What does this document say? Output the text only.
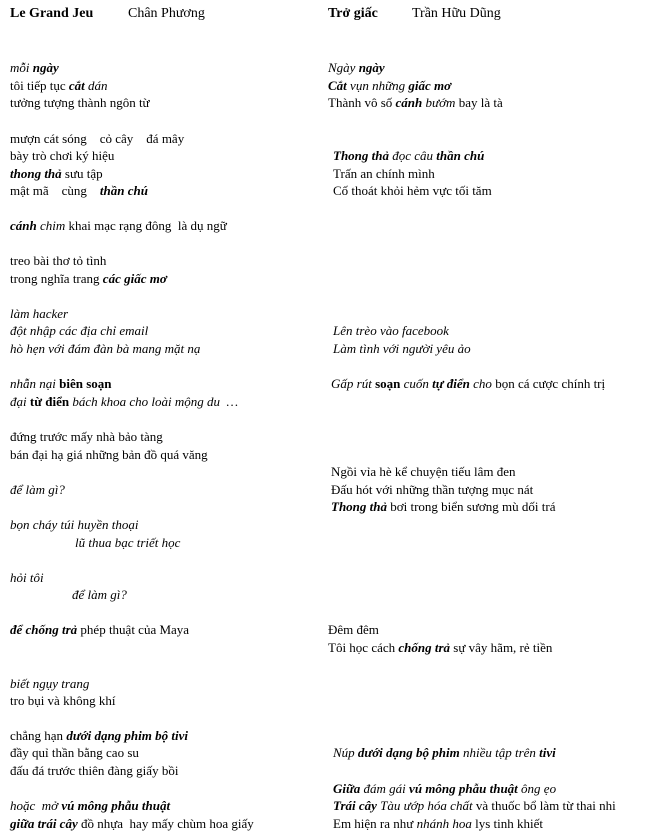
Le Grand Jeu Chân Phương	Trở giấc Trần Hữu Dũng
mỗi ngày
tôi tiếp tục cắt dán
tưởng tượng thành ngôn từ
mượn cát sóng    cỏ cây    đá mây
bày trò chơi ký hiệu
thong thả sưu tập
mật mã    cùng    thần chú
cánh chim khai mạc rạng đông  là dụ ngữ
treo bài thơ tỏ tình
trong nghĩa trang các giấc mơ
làm hacker
đột nhập các địa chỉ email
hò hẹn với đám đàn bà mang mặt nạ
nhẫn nại biên soạn
đại từ điển bách khoa cho loài mộng du  …
đứng trước mấy nhà bảo tàng
bán đại hạ giá những bản đồ quá văng
để làm gì?
bọn cháy túi huyền thoại
lũ thua bạc triết học
hỏi tôi
để làm gì?
để chống trả phép thuật của Maya
biết ngụy trang
tro bụi và không khí
chẳng hạn dưới dạng phim bộ tivi
đầy quỉ thần bằng cao su
đấu đá trước thiên đàng giấy bồi
hoặc  mở vú mông phẫu thuật
giữa trái cây đồ nhựa  hay mấy chùm hoa giấy
Ngày ngày
Cắt vụn những giấc mơ
Thành vô số cánh bướm bay là tà
Thong thả đọc câu thần chú
Trấn an chính mình
Cố thoát khỏi hẻm vực tối tăm
Lên trèo vào facebook
Làm tình với người yêu ảo
Gấp rút soạn cuốn tự điển cho bọn cá cược chính trị
Ngồi vỉa hè kể chuyện tiếu lâm đen
Đấu hót với những thần tượng mục nát
Thong thả bơi trong biển sương mù dối trá
Đêm đêm
Tôi học cách chống trả sự vây hãm, rẻ tiền
Núp dưới dạng bộ phim nhiều tập trên tivi
Giữa đám gái vú mông phẫu thuật ông ẹo
Trái cây Tàu ướp hóa chất và thuốc bổ làm từ thai nhi
Em hiện ra như nhánh hoa lys tinh khiết
